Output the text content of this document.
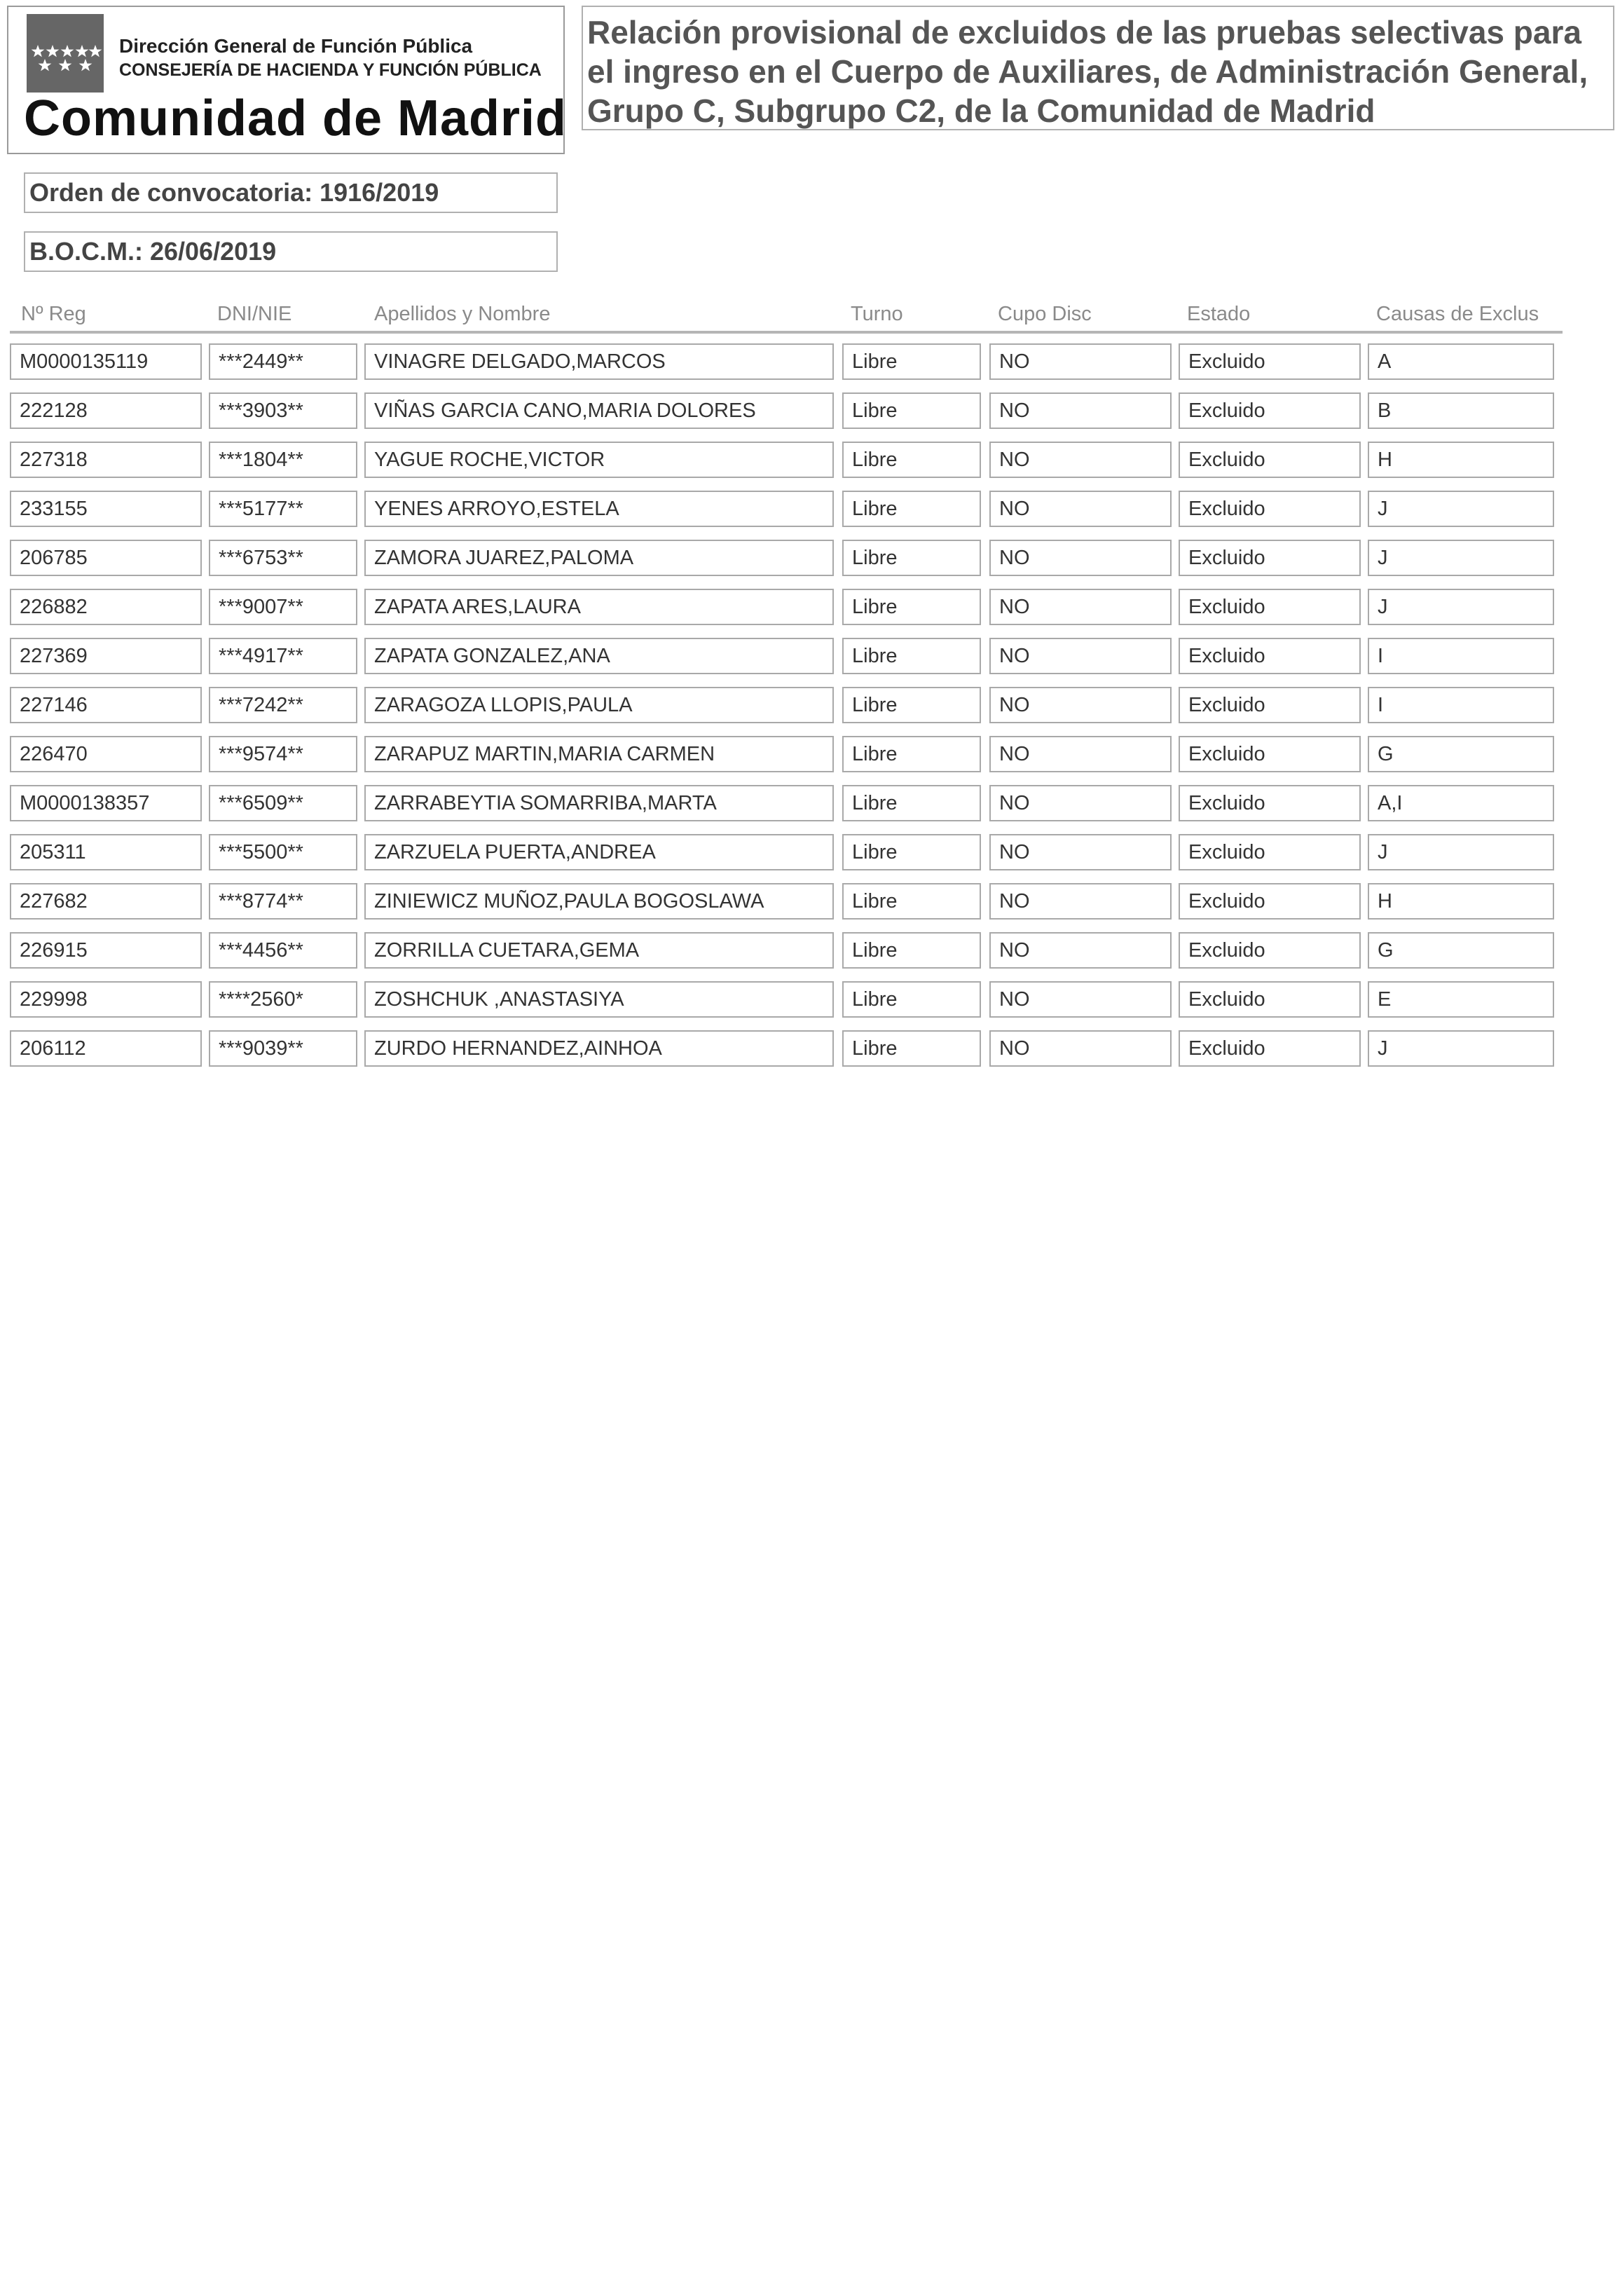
Dirección General de Función Pública
CONSEJERÍA DE HACIENDA Y FUNCIÓN PÚBLICA
Comunidad de Madrid

Relación provisional de excluidos de las pruebas selectivas para
el ingreso en el Cuerpo de Auxiliares, de Administración General,
Grupo C, Subgrupo C2, de la Comunidad de Madrid

Orden de convocatoria: 1916/2019
B.O.C.M.: 26/06/2019
Nº Reg	DNI/NIE	Apellidos y Nombre	Turno	Cupo Disc	Estado	Causas de Exclus
M0000135119	***2449**	VINAGRE DELGADO,MARCOS	Libre	NO	Excluido	A
222128	***3903**	VIÑAS GARCIA CANO,MARIA DOLORES	Libre	NO	Excluido	B
227318	***1804**	YAGUE ROCHE,VICTOR	Libre	NO	Excluido	H
233155	***5177**	YENES ARROYO,ESTELA	Libre	NO	Excluido	J
206785	***6753**	ZAMORA JUAREZ,PALOMA	Libre	NO	Excluido	J
226882	***9007**	ZAPATA ARES,LAURA	Libre	NO	Excluido	J
227369	***4917**	ZAPATA GONZALEZ,ANA	Libre	NO	Excluido	I
227146	***7242**	ZARAGOZA LLOPIS,PAULA	Libre	NO	Excluido	I
226470	***9574**	ZARAPUZ MARTIN,MARIA CARMEN	Libre	NO	Excluido	G
M0000138357	***6509**	ZARRABEYTIA SOMARRIBA,MARTA	Libre	NO	Excluido	A,I
205311	***5500**	ZARZUELA PUERTA,ANDREA	Libre	NO	Excluido	J
227682	***8774**	ZINIEWICZ MUÑOZ,PAULA BOGOSLAWA	Libre	NO	Excluido	H
226915	***4456**	ZORRILLA CUETARA,GEMA	Libre	NO	Excluido	G
229998	****2560*	ZOSHCHUK ,ANASTASIYA	Libre	NO	Excluido	E
206112	***9039**	ZURDO HERNANDEZ,AINHOA	Libre	NO	Excluido	J
